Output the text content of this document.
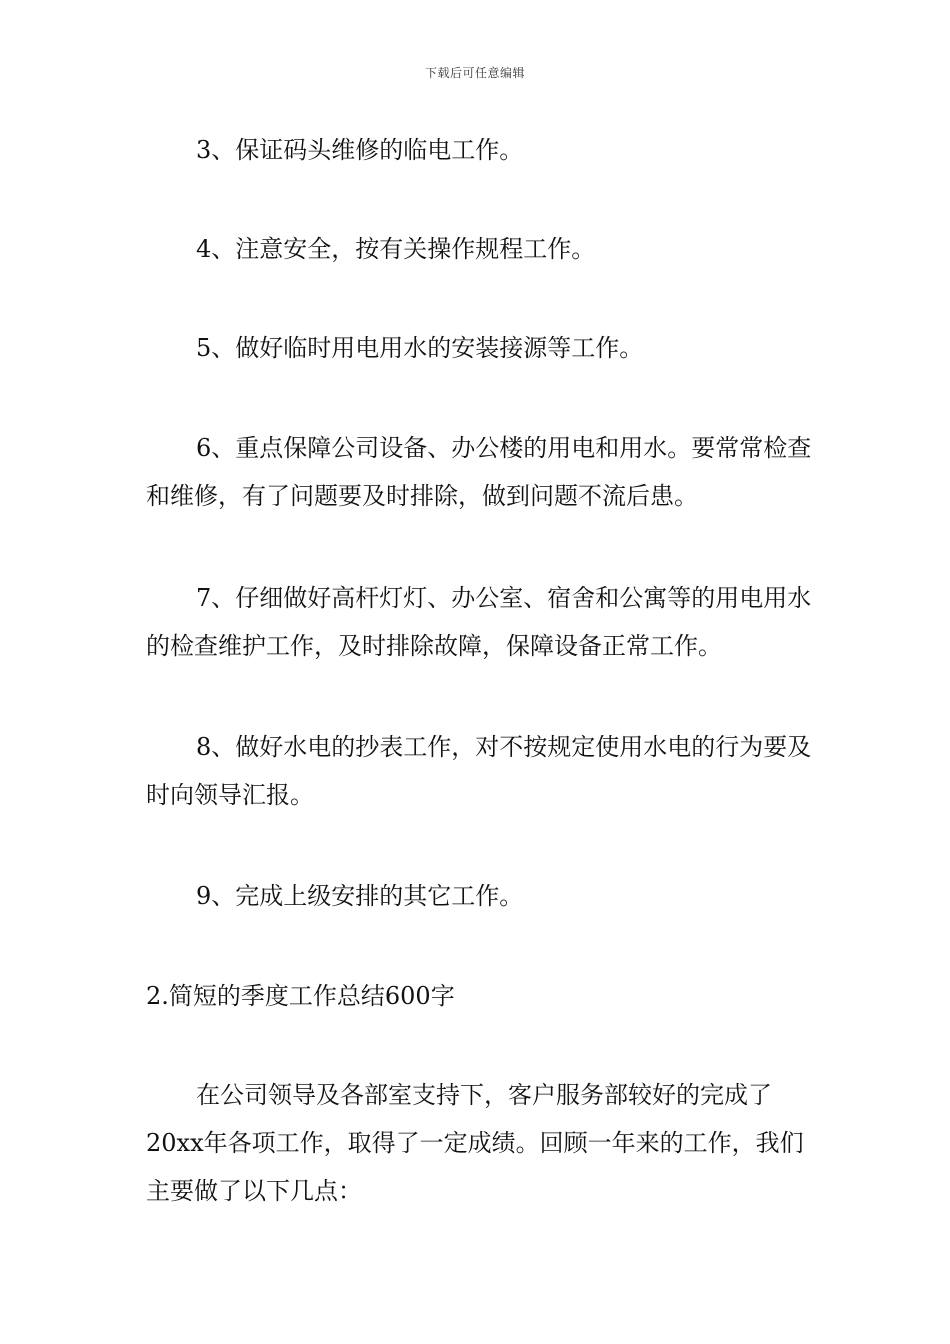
下载后可任意编辑

3、保证码头维修的临电工作。

4、注意安全，按有关操作规程工作。

5、做好临时用电用水的安装接源等工作。

6、重点保障公司设备、办公楼的用电和用水。要常常检查和维修，有了问题要及时排除，做到问题不流后患。

7、仔细做好高杆灯灯、办公室、宿舍和公寓等的用电用水的检查维护工作，及时排除故障，保障设备正常工作。

8、做好水电的抄表工作，对不按规定使用水电的行为要及时向领导汇报。

9、完成上级安排的其它工作。

2.简短的季度工作总结600字

在公司领导及各部室支持下，客户服务部较好的完成了20xx年各项工作，取得了一定成绩。回顾一年来的工作，我们主要做了以下几点：
